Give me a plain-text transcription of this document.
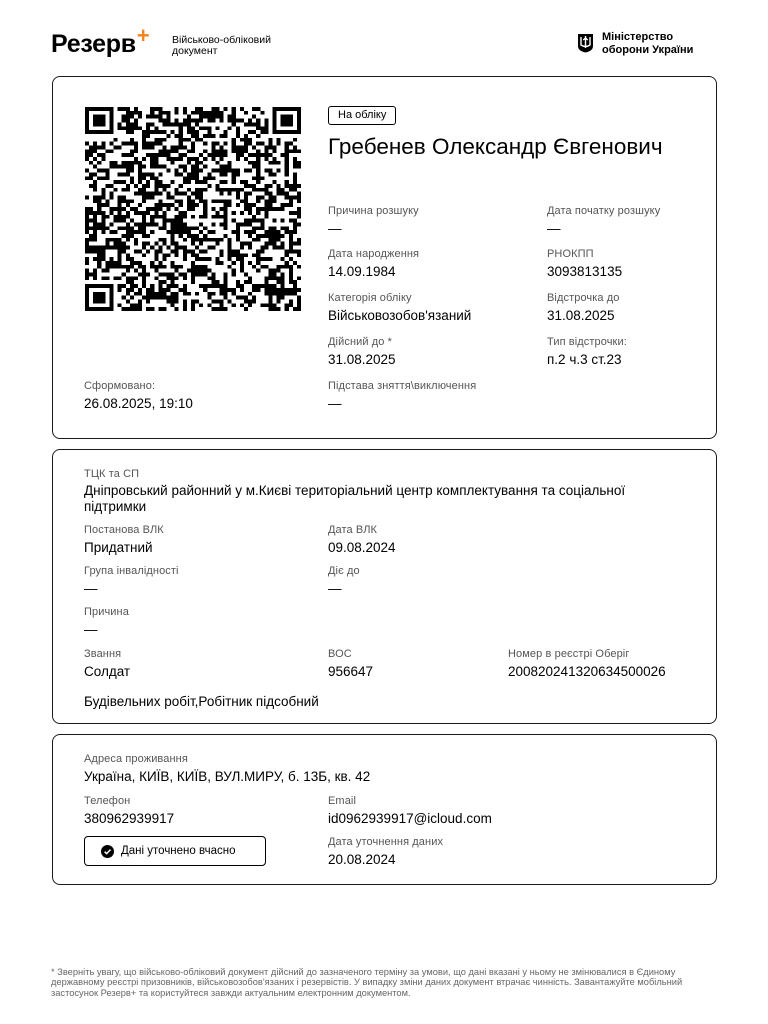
Резерв+ Військово-обліковий документ
Міністерство оборони України
На обліку
Гребенев Олександр Євгенович
Причина розшуку
—
Дата початку розшуку
—
Дата народження
14.09.1984
РНОКПП
3093813135
Категорія обліку
Військовозобов'язаний
Відстрочка до
31.08.2025
Дійсний до *
31.08.2025
Тип відстрочки:
п.2 ч.3 ст.23
Сформовано:
26.08.2025, 19:10
Підстава зняття\виключення
—
ТЦК та СП
Дніпровський районний у м.Києві територіальний центр комплектування та соціальної підтримки
Постанова ВЛК
Придатний
Дата ВЛК
09.08.2024
Група інвалідності
—
Діє до
—
Причина
—
Звання
Солдат
ВОС
956647
Номер в реєстрі Оберіг
200820241320634500026
Будівельних робіт,Робітник підсобний
Адреса проживання
Україна, КИЇВ, КИЇВ, ВУЛ.МИРУ, б. 13Б, кв. 42
Телефон
380962939917
Email
id0962939917@icloud.com
Дані уточнено вчасно
Дата уточнення даних
20.08.2024
* Зверніть увагу, що військово-обліковий документ дійсний до зазначеного терміну за умови, що дані вказані у ньому не змінювалися в Єдиному державному реєстрі призовників, військовозобов'язаних і резервістів. У випадку зміни даних документ втрачає чинність. Завантажуйте мобільний застосунок Резерв+ та користуйтеся завжди актуальним електронним документом.
